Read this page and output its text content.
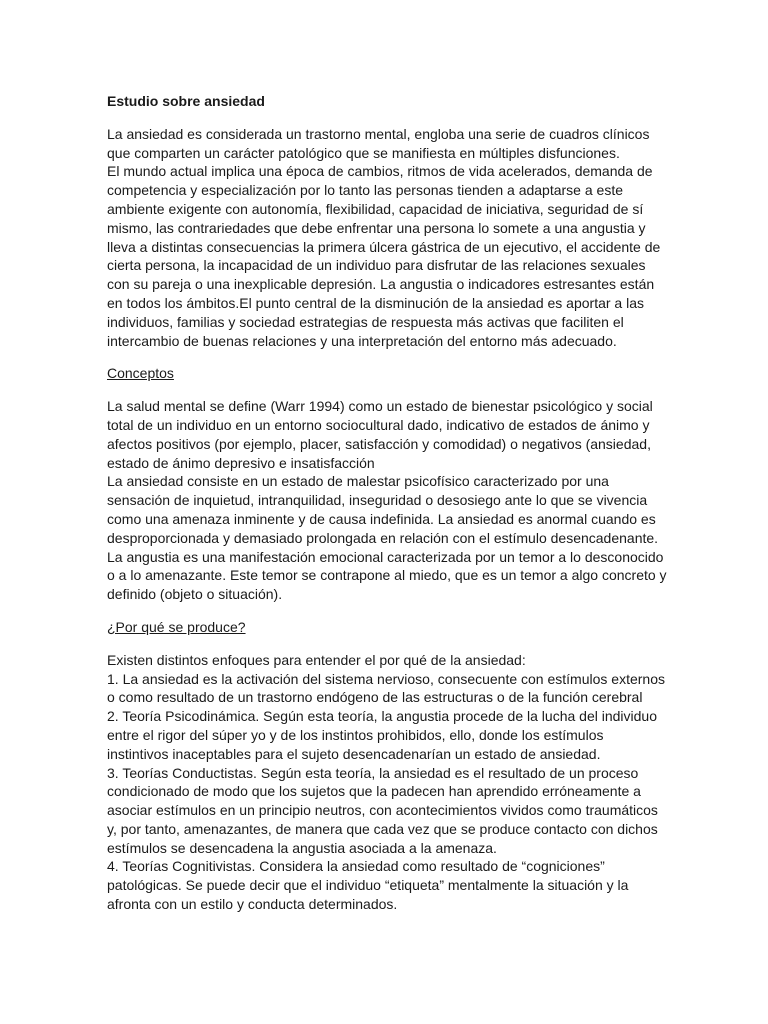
Estudio sobre ansiedad

La ansiedad es considerada un trastorno mental, engloba una serie de cuadros clínicos que comparten un carácter patológico que se manifiesta en múltiples disfunciones.

El mundo actual implica una época de cambios, ritmos de vida acelerados, demanda de competencia y especialización por lo tanto las personas tienden a adaptarse a este ambiente exigente con autonomía, flexibilidad, capacidad de iniciativa, seguridad de sí mismo, las contrariedades que debe enfrentar una persona lo somete a una angustia y lleva a distintas consecuencias la primera úlcera gástrica de un ejecutivo, el accidente de cierta persona, la incapacidad de un individuo para disfrutar de las relaciones sexuales con su pareja o una inexplicable depresión. La angustia o indicadores estresantes están en todos los ámbitos.El punto central de la disminución de la ansiedad es aportar a las individuos, familias y sociedad estrategias de respuesta más activas que faciliten el intercambio de buenas relaciones y una interpretación del entorno más adecuado.

Conceptos

La salud mental se define (Warr 1994) como un estado de bienestar psicológico y social total de un individuo en un entorno sociocultural dado, indicativo de estados de ánimo y afectos positivos (por ejemplo, placer, satisfacción y comodidad) o negativos (ansiedad, estado de ánimo depresivo e insatisfacción

La ansiedad consiste en un estado de malestar psicofísico caracterizado por una sensación de inquietud, intranquilidad, inseguridad o desosiego ante lo que se vivencia como una amenaza inminente y de causa indefinida. La ansiedad es anormal cuando es desproporcionada y demasiado prolongada en relación con el estímulo desencadenante.

La angustia es una manifestación emocional caracterizada por un temor a lo desconocido o a lo amenazante. Este temor se contrapone al miedo, que es un temor a algo concreto y definido (objeto o situación).

¿Por qué se produce?

Existen distintos enfoques para entender el por qué de la ansiedad:

1. La ansiedad es la activación del sistema nervioso, consecuente con estímulos externos o como resultado de un trastorno endógeno de las estructuras o de la función cerebral

2. Teoría Psicodinámica. Según esta teoría, la angustia procede de la lucha del individuo entre el rigor del súper yo y de los instintos prohibidos, ello, donde los estímulos instintivos inaceptables para el sujeto desencadenarían un estado de ansiedad.

3. Teorías Conductistas. Según esta teoría, la ansiedad es el resultado de un proceso condicionado de modo que los sujetos que la padecen han aprendido erróneamente a asociar estímulos en un principio neutros, con acontecimientos vividos como traumáticos y, por tanto, amenazantes, de manera que cada vez que se produce contacto con dichos estímulos se desencadena la angustia asociada a la amenaza.

4. Teorías Cognitivistas. Considera la ansiedad como resultado de “cogniciones” patológicas. Se puede decir que el individuo “etiqueta” mentalmente la situación y la afronta con un estilo y conducta determinados.
